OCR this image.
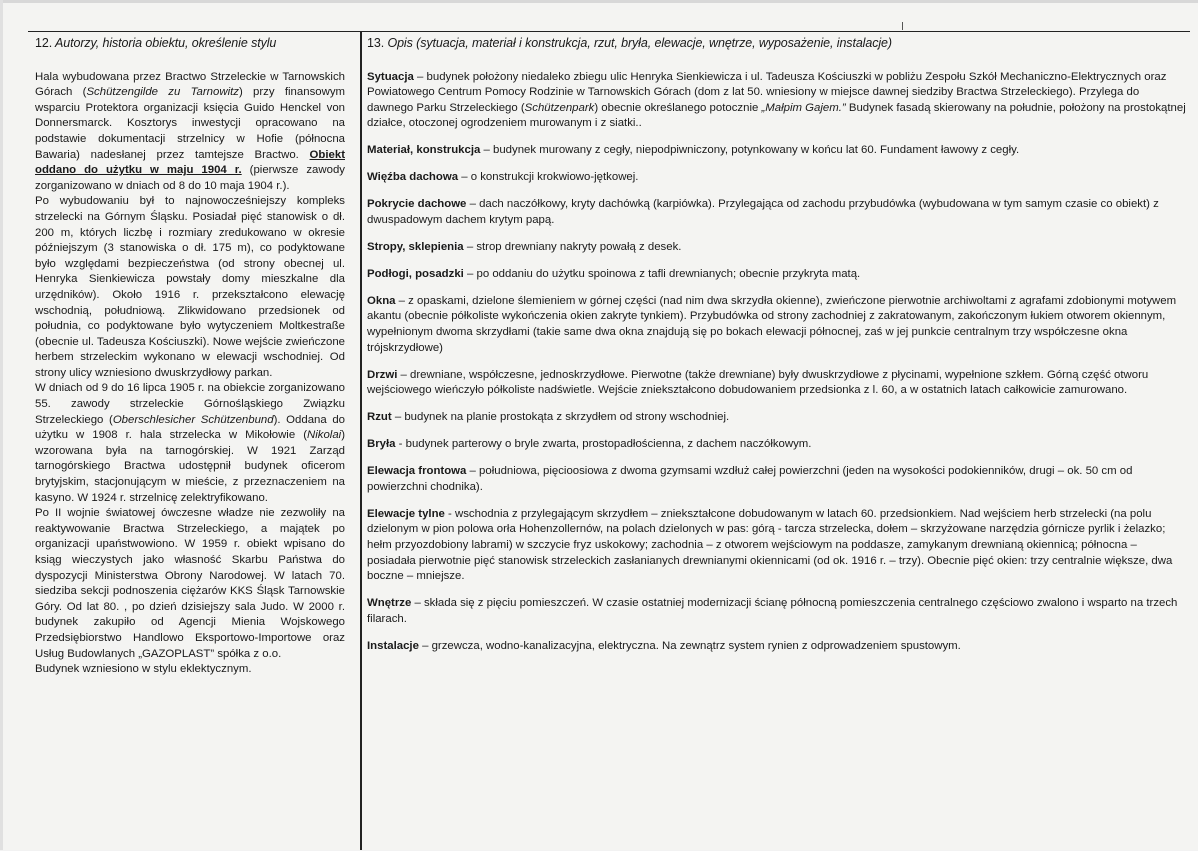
12. Autorzy, historia obiektu, określenie stylu

Hala wybudowana przez Bractwo Strzeleckie w Tarnowskich Górach (Schützengilde zu Tarnowitz) przy finansowym wsparciu Protektora organizacji księcia Guido Henckel von Donnersmarck. Kosztorys inwestycji opracowano na podstawie dokumentacji strzelnicy w Hofie (północna Bawaria) nadesłanej przez tamtejsze Bractwo. Obiekt oddano do użytku w maju 1904 r. (pierwsze zawody zorganizowano w dniach od 8 do 10 maja 1904 r.).

Po wybudowaniu był to najnowocześniejszy kompleks strzelecki na Górnym Śląsku. Posiadał pięć stanowisk o dł. 200 m, których liczbę i rozmiary zredukowano w okresie późniejszym (3 stanowiska o dł. 175 m), co podyktowane było względami bezpieczeństwa (od strony obecnej ul. Henryka Sienkiewicza powstały domy mieszkalne dla urzędników). Około 1916 r. przekształcono elewację wschodnią, południową. Zlikwidowano przedsionek od południa, co podyktowane było wytyczeniem Moltkestraße (obecnie ul. Tadeusza Kościuszki). Nowe wejście zwieńczone herbem strzeleckim wykonano w elewacji wschodniej. Od strony ulicy wzniesiono dwuskrzydłowy parkan.

W dniach od 9 do 16 lipca 1905 r. na obiekcie zorganizowano 55. zawody strzeleckie Górnośląskiego Związku Strzeleckiego (Oberschlesicher Schützenbund). Oddana do użytku w 1908 r. hala strzelecka w Mikołowie (Nikolai) wzorowana była na tarnogórskiej. W 1921 Zarząd tarnogórskiego Bractwa udostępnił budynek oficerom brytyjskim, stacjonującym w mieście, z przeznaczeniem na kasyno. W 1924 r. strzelnicę zelektryfikowano.

Po II wojnie światowej ówczesne władze nie zezwoliły na reaktywowanie Bractwa Strzeleckiego, a majątek po organizacji upaństwowiono. W 1959 r. obiekt wpisano do ksiąg wieczystych jako własność Skarbu Państwa do dyspozycji Ministerstwa Obrony Narodowej. W latach 70. siedziba sekcji podnoszenia ciężarów KKS Śląsk Tarnowskie Góry. Od lat 80. , po dzień dzisiejszy sala Judo. W 2000 r. budynek zakupiło od Agencji Mienia Wojskowego Przedsiębiorstwo Handlowo Eksportowo-Importowe oraz Usług Budowlanych „GAZOPLAST” spółka z o.o.

Budynek wzniesiono w stylu eklektycznym.

13. Opis (sytuacja, materiał i konstrukcja, rzut, bryła, elewacje, wnętrze, wyposażenie, instalacje)

Sytuacja – budynek położony niedaleko zbiegu ulic Henryka Sienkiewicza i ul. Tadeusza Kościuszki w pobliżu Zespołu Szkół Mechaniczno-Elektrycznych oraz Powiatowego Centrum Pomocy Rodzinie w Tarnowskich Górach (dom z lat 50. wniesiony w miejsce dawnej siedziby Bractwa Strzeleckiego). Przylega do dawnego Parku Strzeleckiego (Schützenpark) obecnie określanego potocznie „Małpim Gajem.” Budynek fasadą skierowany na południe, położony na prostokątnej działce, otoczonej ogrodzeniem murowanym i z siatki..

Materiał, konstrukcja – budynek murowany z cegły, niepodpiwniczony, potynkowany w końcu lat 60. Fundament ławowy z cegły.

Więźba dachowa – o konstrukcji krokwiowo-jętkowej.

Pokrycie dachowe – dach naczółkowy, kryty dachówką (karpiówka). Przylegająca od zachodu przybudówka (wybudowana w tym samym czasie co obiekt) z dwuspadowym dachem krytym papą.

Stropy, sklepienia – strop drewniany nakryty powałą z desek.

Podłogi, posadzki – po oddaniu do użytku spoinowa z tafli drewnianych; obecnie przykryta matą.

Okna – z opaskami, dzielone ślemieniem w górnej części (nad nim dwa skrzydła okienne), zwieńczone pierwotnie archiwoltami z agrafami zdobionymi motywem akantu (obecnie półkoliste wykończenia okien zakryte tynkiem). Przybudówka od strony zachodniej z zakratowanym, zakończonym łukiem otworem okiennym, wypełnionym dwoma skrzydłami (takie same dwa okna znajdują się po bokach elewacji północnej, zaś w jej punkcie centralnym trzy współczesne okna trójskrzydłowe)

Drzwi – drewniane, współczesne, jednoskrzydłowe. Pierwotne (także drewniane) były dwuskrzydłowe z płycinami, wypełnione szkłem. Górną część otworu wejściowego wieńczyło półkoliste nadświetle. Wejście zniekształcono dobudowaniem przedsionka z l. 60, a w ostatnich latach całkowicie zamurowano.

Rzut – budynek na planie prostokąta z skrzydłem od strony wschodniej.

Bryła - budynek parterowy o bryle zwarta, prostopadłościenna, z dachem naczółkowym.

Elewacja frontowa – południowa, pięcioosiowa z dwoma gzymsami wzdłuż całej powierzchni (jeden na wysokości podokienników, drugi – ok. 50 cm od powierzchni chodnika).

Elewacje tylne - wschodnia z przylegającym skrzydłem – zniekształcone dobudowanym w latach 60. przedsionkiem. Nad wejściem herb strzelecki (na polu dzielonym w pion polowa orła Hohenzollernów, na polach dzielonych w pas: górą - tarcza strzelecka, dołem – skrzyżowane narzędzia górnicze pyrlik i żelazko; hełm przyozdobiony labrami) w szczycie fryz uskokowy; zachodnia – z otworem wejściowym na poddasze, zamykanym drewnianą okiennicą; północna – posiadała pierwotnie pięć stanowisk strzeleckich zasłanianych drewnianymi okiennicami (od ok. 1916 r. – trzy). Obecnie pięć okien: trzy centralnie większe, dwa boczne – mniejsze.

Wnętrze – składa się z pięciu pomieszczeń. W czasie ostatniej modernizacji ścianę północną pomieszczenia centralnego częściowo zwalono i wsparto na trzech filarach.

Instalacje – grzewcza, wodno-kanalizacyjna, elektryczna. Na zewnątrz system rynien z odprowadzeniem spustowym.
